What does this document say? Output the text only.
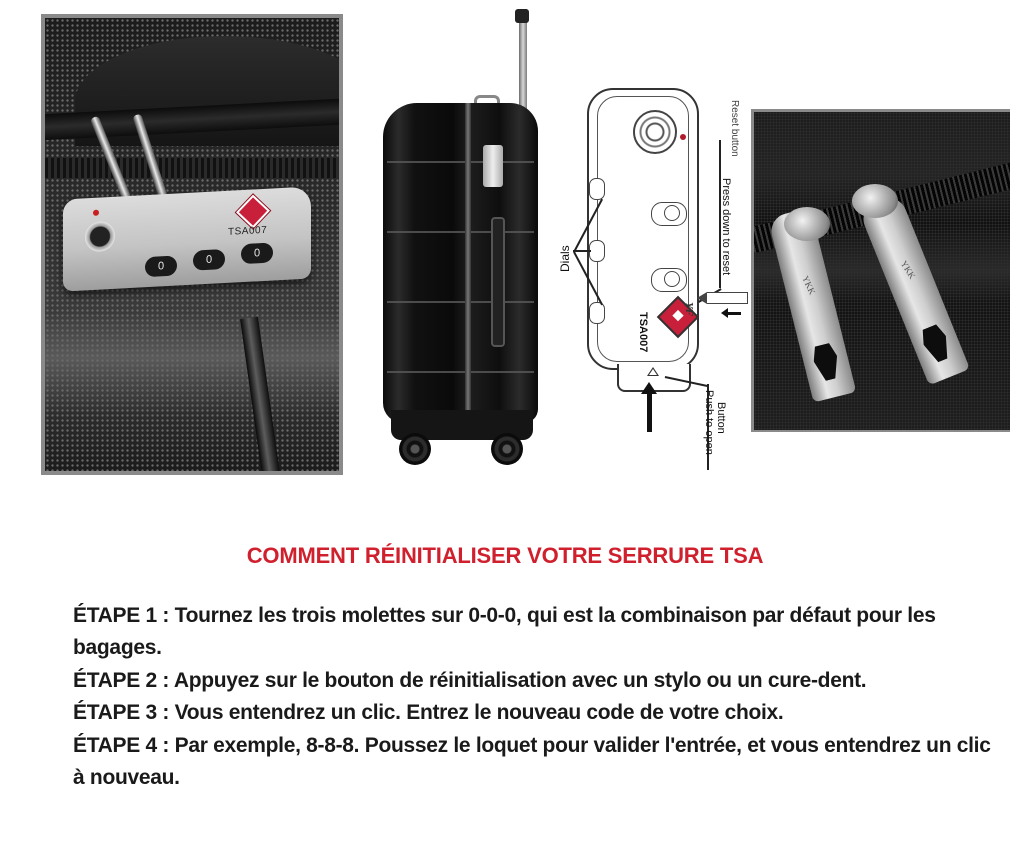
TSA007
0
0
0
TSA007
YF
Dials
Reset button
Press down to reset
Button
Push to open
YKK
YKK
COMMENT RÉINITIALISER VOTRE SERRURE TSA

ÉTAPE 1 : Tournez les trois molettes sur 0-0-0, qui est la combinaison par défaut pour les bagages.

ÉTAPE 2 : Appuyez sur le bouton de réinitialisation avec un stylo ou un cure-dent.

ÉTAPE 3 : Vous entendrez un clic. Entrez le nouveau code de votre choix.

ÉTAPE 4 : Par exemple, 8-8-8. Poussez le loquet pour valider l'entrée, et vous entendrez un clic à nouveau.
